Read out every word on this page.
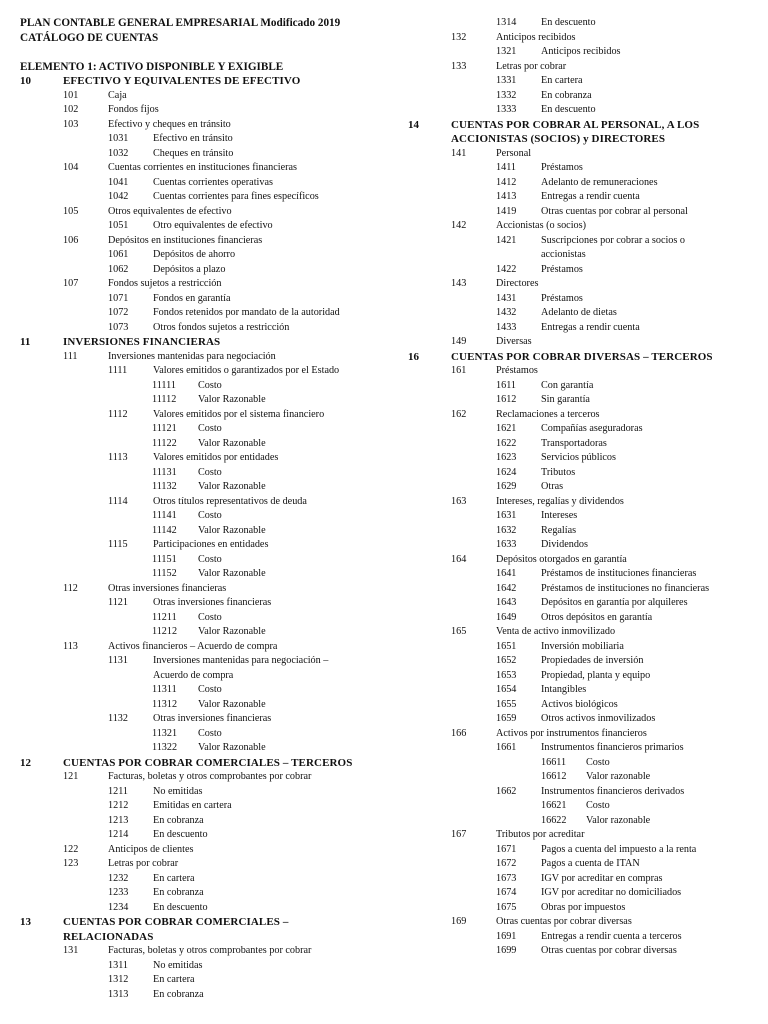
PLAN CONTABLE GENERAL EMPRESARIAL Modificado 2019
CATÁLOGO DE CUENTAS
ELEMENTO 1: ACTIVO DISPONIBLE Y EXIGIBLE
10	EFECTIVO Y EQUIVALENTES DE EFECTIVO
101	Caja
102	Fondos fijos
103	Efectivo y cheques en tránsito
1031 Efectivo en tránsito
1032 Cheques en tránsito
104	Cuentas corrientes en instituciones financieras
1041 Cuentas corrientes operativas
1042 Cuentas corrientes para fines específicos
105	Otros equivalentes de efectivo
1051 Otro equivalentes de efectivo
106	Depósitos en instituciones financieras
1061 Depósitos de ahorro
1062 Depósitos a plazo
107	Fondos sujetos a restricción
1071 Fondos en garantía
1072 Fondos retenidos por mandato de la autoridad
1073 Otros fondos sujetos a restricción
11	INVERSIONES FINANCIERAS
111	Inversiones mantenidas para negociación
1111	Valores emitidos o garantizados por el Estado
11111 Costo
11112 Valor Razonable
1112 Valores emitidos por el sistema financiero
11121 Costo
11122 Valor Razonable
1113 Valores emitidos por entidades
11131 Costo
11132 Valor Razonable
1114 Otros títulos representativos de deuda
11141 Costo
11142 Valor Razonable
1115 Participaciones en entidades
11151 Costo
11152 Valor Razonable
112	Otras inversiones financieras
1121 Otras inversiones financieras
11211 Costo
11212 Valor Razonable
113	Activos financieros – Acuerdo de compra
1131 Inversiones mantenidas para negociación –
Acuerdo de compra
11311 Costo
11312 Valor Razonable
1132 Otras inversiones financieras
11321 Costo
11322 Valor Razonable
12	CUENTAS POR COBRAR COMERCIALES – TERCEROS
121	Facturas, boletas y otros comprobantes por cobrar
1211 No emitidas
1212 Emitidas en cartera
1213 En cobranza
1214 En descuento
122	Anticipos de clientes
123	Letras por cobrar
1232 En cartera
1233 En cobranza
1234 En descuento
13	CUENTAS POR COBRAR COMERCIALES –
RELACIONADAS
131	Facturas, boletas y otros comprobantes por cobrar
1311 No emitidas
1312 En cartera
1313 En cobranza
1314 En descuento
132	Anticipos recibidos
1321 Anticipos recibidos
133	Letras por cobrar
1331 En cartera
1332 En cobranza
1333 En descuento
14	CUENTAS POR COBRAR AL PERSONAL, A LOS
ACCIONISTAS (SOCIOS) y DIRECTORES
141	Personal
1411 Préstamos
1412 Adelanto de remuneraciones
1413 Entregas a rendir cuenta
1419 Otras cuentas por cobrar al personal
142	Accionistas (o socios)
1421 Suscripciones por cobrar a socios o
accionistas
1422 Préstamos
143	Directores
1431 Préstamos
1432 Adelanto de dietas
1433 Entregas a rendir cuenta
149	Diversas
16	CUENTAS POR COBRAR DIVERSAS – TERCEROS
161	Préstamos
1611 Con garantía
1612 Sin garantía
162	Reclamaciones a terceros
1621 Compañías aseguradoras
1622 Transportadoras
1623 Servicios públicos
1624 Tributos
1629 Otras
163	Intereses, regalías y dividendos
1631 Intereses
1632 Regalías
1633 Dividendos
164	Depósitos otorgados en garantía
1641 Préstamos de instituciones financieras
1642 Préstamos de instituciones no financieras
1643 Depósitos en garantía por alquileres
1649 Otros depósitos en garantía
165	Venta de activo inmovilizado
1651 Inversión mobiliaria
1652 Propiedades de inversión
1653 Propiedad, planta y equipo
1654 Intangibles
1655 Activos biológicos
1659 Otros activos inmovilizados
166	Activos por instrumentos financieros
1661 Instrumentos financieros primarios
16611 Costo
16612 Valor razonable
1662 Instrumentos financieros derivados
16621 Costo
16622 Valor razonable
167	Tributos por acreditar
1671 Pagos a cuenta del impuesto a la renta
1672 Pagos a cuenta de ITAN
1673 IGV por acreditar en compras
1674 IGV por acreditar no domiciliados
1675 Obras por impuestos
169	Otras cuentas por cobrar diversas
1691 Entregas a rendir cuenta a terceros
1699 Otras cuentas por cobrar diversas
